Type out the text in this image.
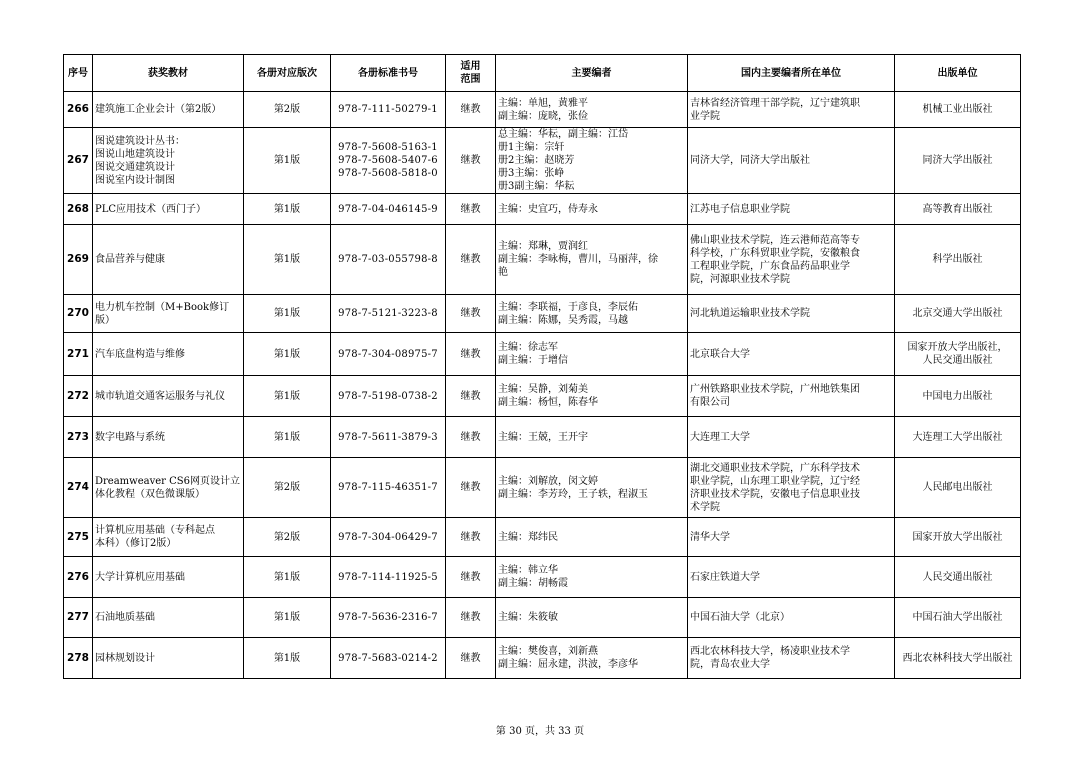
序号	获奖教材	各册对应版次	各册标准书号	适用范围	主要编者	国内主要编者所在单位	出版单位
266	建筑施工企业会计（第2版）	第2版	978-7-111-50279-1	继教	主编：单旭，黄雅平
副主编：庞晓，张俭	吉林省经济管理干部学院，辽宁建筑职
业学院	机械工业出版社

267	图说建筑设计丛书：
图说山地建筑设计
图说交通建筑设计
图说室内设计制图	第1版	978-7-5608-5163-1
978-7-5608-5407-6
978-7-5608-5818-0	继教	总主编：华耘，副主编：江岱
册1主编：宗轩
册2主编：赵晓芳
册3主编：张峥
册3副主编：华耘	同济大学，同济大学出版社	同济大学出版社

268	PLC应用技术（西门子）	第1版	978-7-04-046145-9	继教	主编：史宜巧，侍寿永	江苏电子信息职业学院	高等教育出版社

269	食品营养与健康	第1版	978-7-03-055798-8	继教	主编：郑琳，贾润红
副主编：李咏梅，曹川，马丽萍，徐
艳	佛山职业技术学院，连云港师范高等专
科学校，广东科贸职业学院，安徽粮食
工程职业学院，广东食品药品职业学
院，河源职业技术学院	科学出版社

270	电力机车控制（M+Book修订
版）	第1版	978-7-5121-3223-8	继教	主编：李联福，于彦良，李辰佑
副主编：陈娜，吴秀霞，马越	河北轨道运输职业技术学院	北京交通大学出版社

271	汽车底盘构造与维修	第1版	978-7-304-08975-7	继教	主编：徐志军
副主编：于增信	北京联合大学	国家开放大学出版社，
人民交通出版社

272	城市轨道交通客运服务与礼仪	第1版	978-7-5198-0738-2	继教	主编：吴静，刘菊美
副主编：杨恒，陈春华	广州铁路职业技术学院，广州地铁集团
有限公司	中国电力出版社

273	数字电路与系统	第1版	978-7-5611-3879-3	继教	主编：王兢，王开宇	大连理工大学	大连理工大学出版社

274	Dreamweaver CS6网页设计立
体化教程（双色微课版）	第2版	978-7-115-46351-7	继教	主编：刘解放，闵文婷
副主编：李芳玲，王子轶，程淑玉	湖北交通职业技术学院，广东科学技术
职业学院，山东理工职业学院，辽宁经
济职业技术学院，安徽电子信息职业技
术学院	人民邮电出版社

275	计算机应用基础（专科起点
本科）（修订2版）	第2版	978-7-304-06429-7	继教	主编：郑纬民	清华大学	国家开放大学出版社

276	大学计算机应用基础	第1版	978-7-114-11925-5	继教	主编：韩立华
副主编：胡畅霞	石家庄铁道大学	人民交通出版社

277	石油地质基础	第1版	978-7-5636-2316-7	继教	主编：朱筱敏	中国石油大学（北京）	中国石油大学出版社

278	园林规划设计	第1版	978-7-5683-0214-2	继教	主编：樊俊喜，刘新燕
副主编：屈永建，洪波，李彦华	西北农林科技大学，杨凌职业技术学
院，青岛农业大学	西北农林科技大学出版社
第 30 页，共 33 页
